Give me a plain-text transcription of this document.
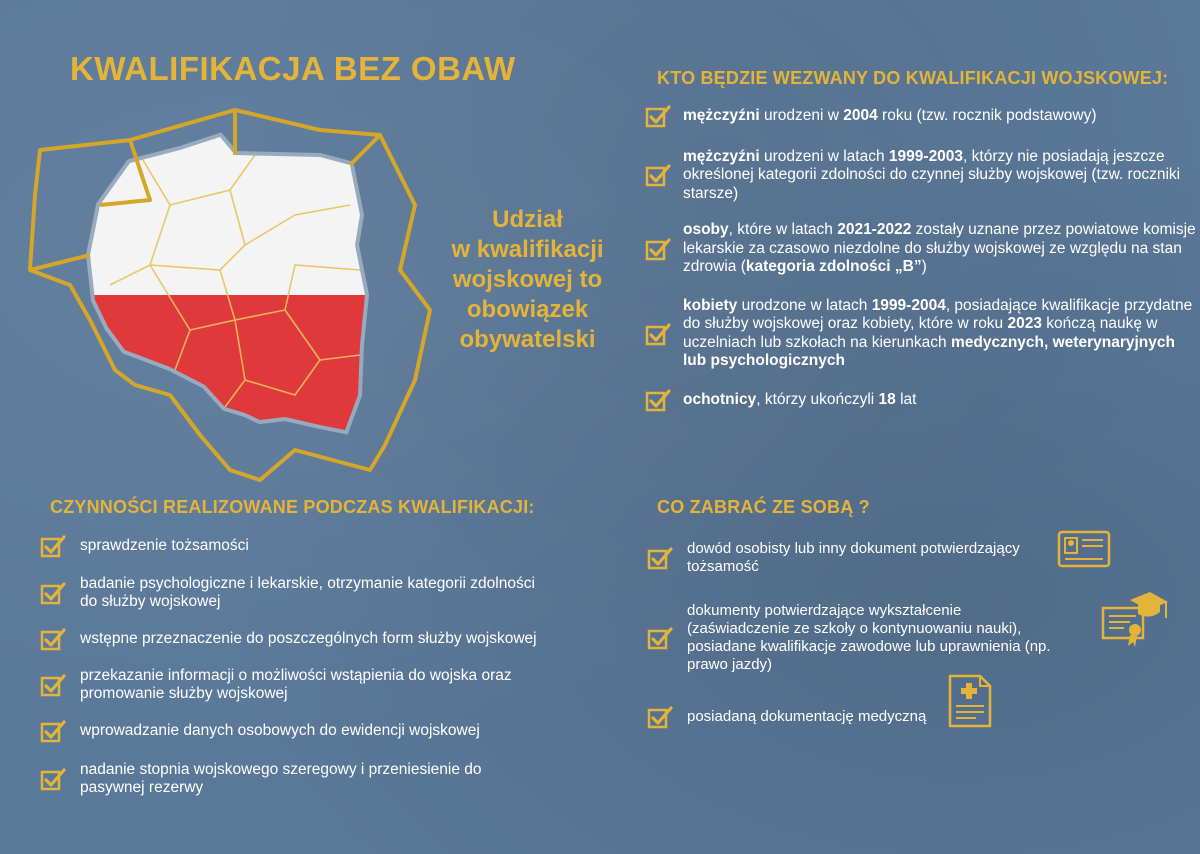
KWALIFIKACJA BEZ OBAW
Udział
w kwalifikacji
wojskowej to
obowiązek
obywatelski
KTO BĘDZIE WEZWANY DO KWALIFIKACJI WOJSKOWEJ:
mężczyźni urodzeni w 2004 roku (tzw. rocznik podstawowy)
mężczyźni urodzeni w latach 1999-2003, którzy nie posiadają jeszcze określonej kategorii zdolności do czynnej służby wojskowej (tzw. roczniki starsze)
osoby, które w latach 2021-2022 zostały uznane przez powiatowe komisje lekarskie za czasowo niezdolne do służby wojskowej ze względu na stan zdrowia (kategoria zdolności „B”)
kobiety urodzone w latach 1999-2004, posiadające kwalifikacje przydatne do służby wojskowej oraz kobiety, które w roku 2023 kończą naukę w uczelniach lub szkołach na kierunkach medycznych, weterynaryjnych lub psychologicznych
ochotnicy, którzy ukończyli 18 lat
CZYNNOŚCI REALIZOWANE PODCZAS KWALIFIKACJI:
sprawdzenie tożsamości
badanie psychologiczne i lekarskie, otrzymanie kategorii zdolności do służby wojskowej
wstępne przeznaczenie do poszczególnych form służby wojskowej
przekazanie informacji o możliwości wstąpienia do wojska oraz promowanie służby wojskowej
wprowadzanie danych osobowych do ewidencji wojskowej
nadanie stopnia wojskowego szeregowy i przeniesienie do pasywnej rezerwy
CO ZABRAĆ ZE SOBĄ ?
dowód osobisty lub inny dokument potwierdzający tożsamość
dokumenty potwierdzające wykształcenie (zaświadczenie ze szkoły o kontynuowaniu nauki), posiadane kwalifikacje zawodowe lub uprawnienia (np. prawo jazdy)
posiadaną dokumentację medyczną
